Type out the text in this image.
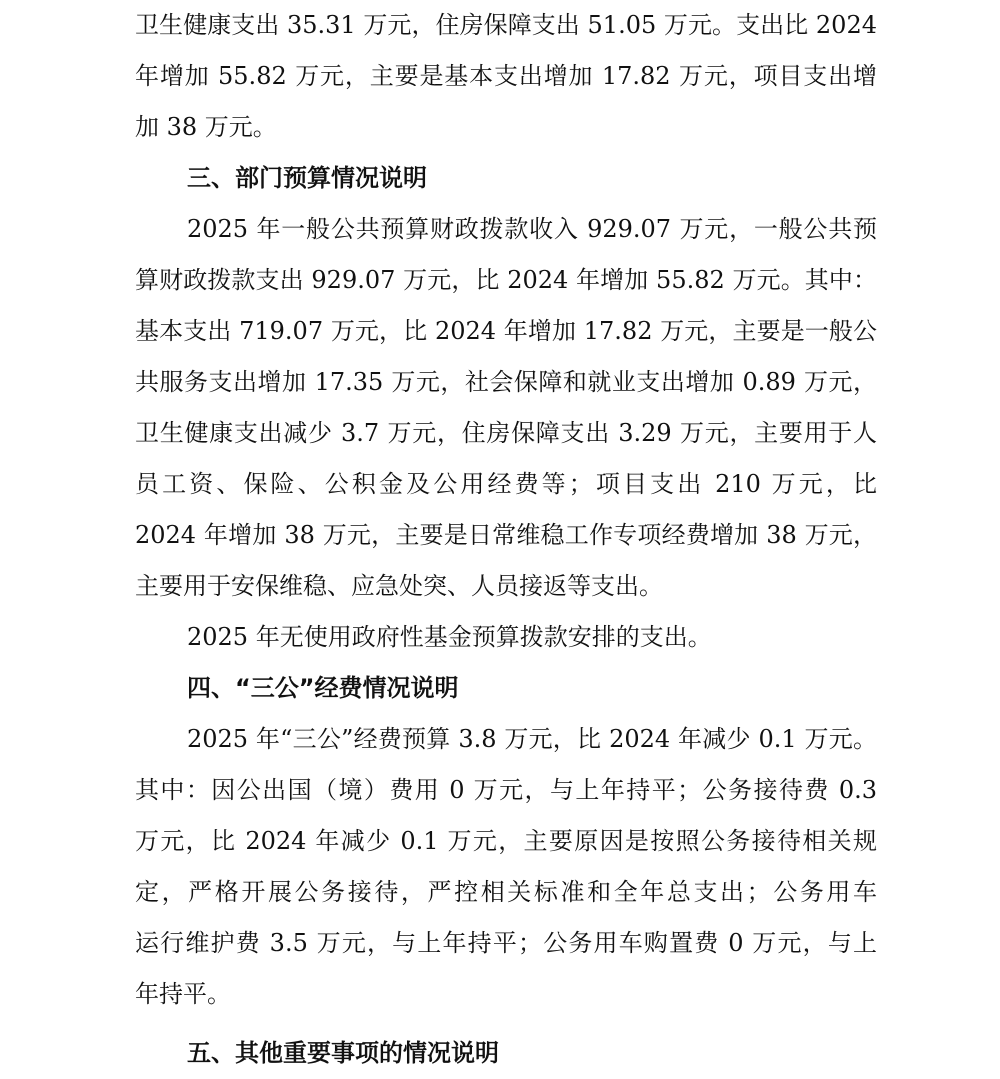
卫生健康支出 35.31 万元，住房保障支出 51.05 万元。支出比 2024
年增加 55.82 万元，主要是基本支出增加 17.82 万元，项目支出增
加 38 万元。
三、部门预算情况说明
2025 年一般公共预算财政拨款收入 929.07 万元，一般公共预
算财政拨款支出 929.07 万元，比 2024 年增加 55.82 万元。其中：
基本支出 719.07 万元，比 2024 年增加 17.82 万元，主要是一般公
共服务支出增加 17.35 万元，社会保障和就业支出增加 0.89 万元，
卫生健康支出减少 3.7 万元，住房保障支出 3.29 万元，主要用于人
员工资、保险、公积金及公用经费等；项目支出 210 万元，比
2024 年增加 38 万元，主要是日常维稳工作专项经费增加 38 万元，
主要用于安保维稳、应急处突、人员接返等支出。
2025 年无使用政府性基金预算拨款安排的支出。
四、“三公”经费情况说明
2025 年“三公”经费预算 3.8 万元，比 2024 年减少 0.1 万元。
其中：因公出国（境）费用 0 万元，与上年持平；公务接待费 0.3
万元，比 2024 年减少 0.1 万元，主要原因是按照公务接待相关规
定，严格开展公务接待，严控相关标准和全年总支出；公务用车
运行维护费 3.5 万元，与上年持平；公务用车购置费 0 万元，与上
年持平。
五、其他重要事项的情况说明
